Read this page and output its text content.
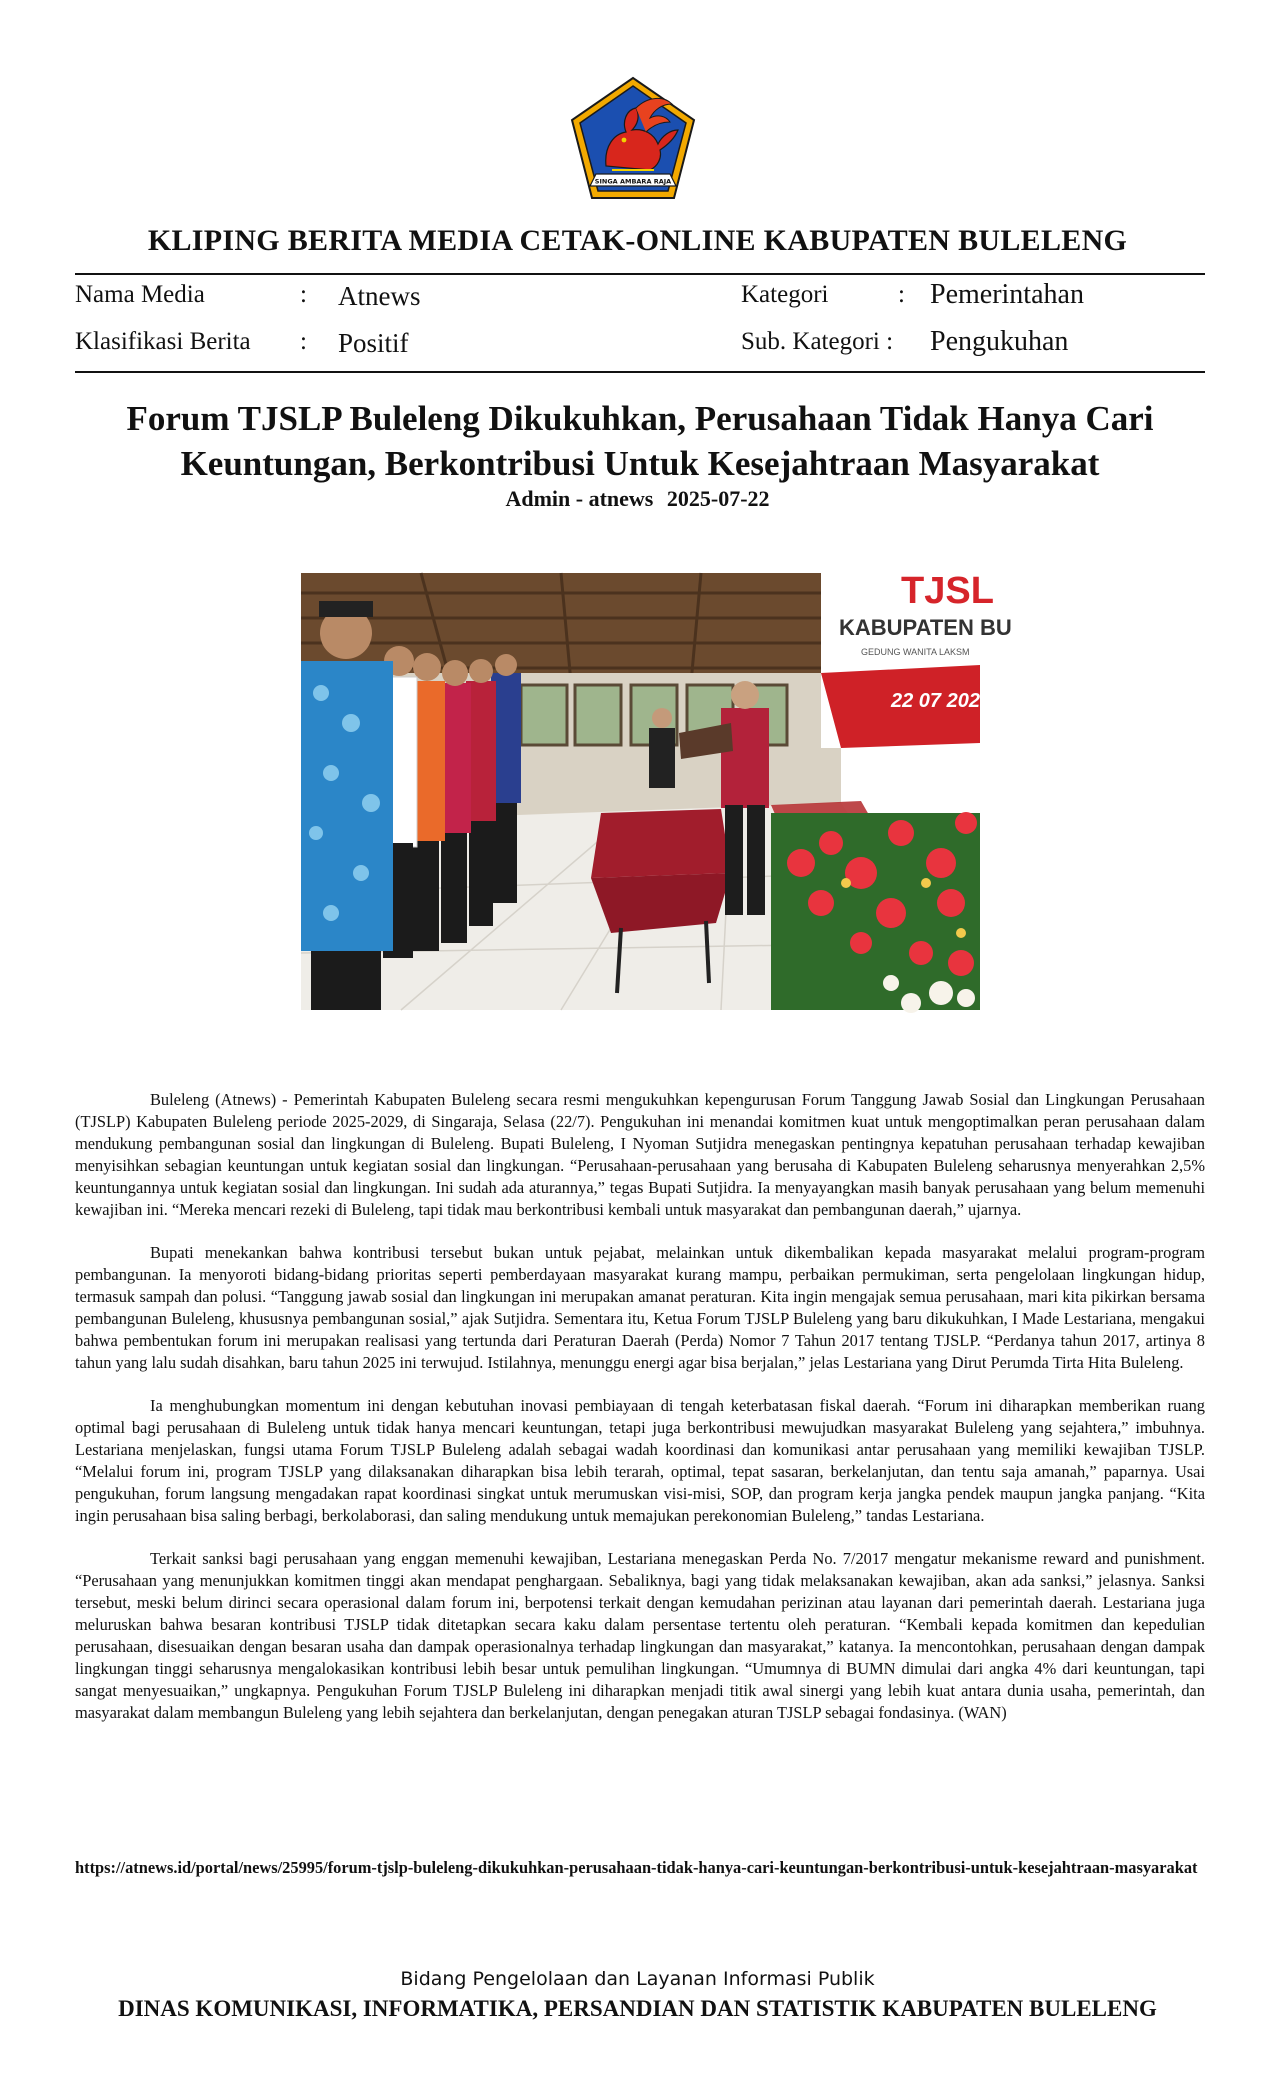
SINGA AMBARA RAJA
KLIPING BERITA MEDIA CETAK-ONLINE KABUPATEN BULELENG
Nama Media	: Atnews
Klasifikasi Berita : Positif
Kategori	: Pemerintahan
Sub. Kategori : Pengukuhan
Forum TJSLP Buleleng Dikukuhkan, Perusahaan Tidak Hanya Cari Keuntungan, Berkontribusi Untuk Kesejahtraan Masyarakat
Admin - atnews 2025-07-22
TJSL
KABUPATEN BU
GEDUNG WANITA LAKSM
22 07 2025

Buleleng (Atnews) - Pemerintah Kabupaten Buleleng secara resmi mengukuhkan kepengurusan Forum Tanggung Jawab Sosial dan Lingkungan Perusahaan (TJSLP) Kabupaten Buleleng periode 2025-2029, di Singaraja, Selasa (22/7). Pengukuhan ini menandai komitmen kuat untuk mengoptimalkan peran perusahaan dalam mendukung pembangunan sosial dan lingkungan di Buleleng. Bupati Buleleng, I Nyoman Sutjidra menegaskan pentingnya kepatuhan perusahaan terhadap kewajiban menyisihkan sebagian keuntungan untuk kegiatan sosial dan lingkungan. “Perusahaan-perusahaan yang berusaha di Kabupaten Buleleng seharusnya menyerahkan 2,5% keuntungannya untuk kegiatan sosial dan lingkungan. Ini sudah ada aturannya,” tegas Bupati Sutjidra. Ia menyayangkan masih banyak perusahaan yang belum memenuhi kewajiban ini. “Mereka mencari rezeki di Buleleng, tapi tidak mau berkontribusi kembali untuk masyarakat dan pembangunan daerah,” ujarnya.

Bupati menekankan bahwa kontribusi tersebut bukan untuk pejabat, melainkan untuk dikembalikan kepada masyarakat melalui program-program pembangunan. Ia menyoroti bidang-bidang prioritas seperti pemberdayaan masyarakat kurang mampu, perbaikan permukiman, serta pengelolaan lingkungan hidup, termasuk sampah dan polusi. “Tanggung jawab sosial dan lingkungan ini merupakan amanat peraturan. Kita ingin mengajak semua perusahaan, mari kita pikirkan bersama pembangunan Buleleng, khususnya pembangunan sosial,” ajak Sutjidra. Sementara itu, Ketua Forum TJSLP Buleleng yang baru dikukuhkan, I Made Lestariana, mengakui bahwa pembentukan forum ini merupakan realisasi yang tertunda dari Peraturan Daerah (Perda) Nomor 7 Tahun 2017 tentang TJSLP. “Perdanya tahun 2017, artinya 8 tahun yang lalu sudah disahkan, baru tahun 2025 ini terwujud. Istilahnya, menunggu energi agar bisa berjalan,” jelas Lestariana yang Dirut Perumda Tirta Hita Buleleng.

Ia menghubungkan momentum ini dengan kebutuhan inovasi pembiayaan di tengah keterbatasan fiskal daerah. “Forum ini diharapkan memberikan ruang optimal bagi perusahaan di Buleleng untuk tidak hanya mencari keuntungan, tetapi juga berkontribusi mewujudkan masyarakat Buleleng yang sejahtera,” imbuhnya. Lestariana menjelaskan, fungsi utama Forum TJSLP Buleleng adalah sebagai wadah koordinasi dan komunikasi antar perusahaan yang memiliki kewajiban TJSLP. “Melalui forum ini, program TJSLP yang dilaksanakan diharapkan bisa lebih terarah, optimal, tepat sasaran, berkelanjutan, dan tentu saja amanah,” paparnya. Usai pengukuhan, forum langsung mengadakan rapat koordinasi singkat untuk merumuskan visi-misi, SOP, dan program kerja jangka pendek maupun jangka panjang. “Kita ingin perusahaan bisa saling berbagi, berkolaborasi, dan saling mendukung untuk memajukan perekonomian Buleleng,” tandas Lestariana.

Terkait sanksi bagi perusahaan yang enggan memenuhi kewajiban, Lestariana menegaskan Perda No. 7/2017 mengatur mekanisme reward and punishment. “Perusahaan yang menunjukkan komitmen tinggi akan mendapat penghargaan. Sebaliknya, bagi yang tidak melaksanakan kewajiban, akan ada sanksi,” jelasnya. Sanksi tersebut, meski belum dirinci secara operasional dalam forum ini, berpotensi terkait dengan kemudahan perizinan atau layanan dari pemerintah daerah. Lestariana juga meluruskan bahwa besaran kontribusi TJSLP tidak ditetapkan secara kaku dalam persentase tertentu oleh peraturan. “Kembali kepada komitmen dan kepedulian perusahaan, disesuaikan dengan besaran usaha dan dampak operasionalnya terhadap lingkungan dan masyarakat,” katanya. Ia mencontohkan, perusahaan dengan dampak lingkungan tinggi seharusnya mengalokasikan kontribusi lebih besar untuk pemulihan lingkungan. “Umumnya di BUMN dimulai dari angka 4% dari keuntungan, tapi sangat menyesuaikan,” ungkapnya. Pengukuhan Forum TJSLP Buleleng ini diharapkan menjadi titik awal sinergi yang lebih kuat antara dunia usaha, pemerintah, dan masyarakat dalam membangun Buleleng yang lebih sejahtera dan berkelanjutan, dengan penegakan aturan TJSLP sebagai fondasinya. (WAN)

https://atnews.id/portal/news/25995/forum-tjslp-buleleng-dikukuhkan-perusahaan-tidak-hanya-cari-keuntungan-berkontribusi-untuk-kesejahtraan-masyarakat
Bidang Pengelolaan dan Layanan Informasi Publik
DINAS KOMUNIKASI, INFORMATIKA, PERSANDIAN DAN STATISTIK KABUPATEN BULELENG
